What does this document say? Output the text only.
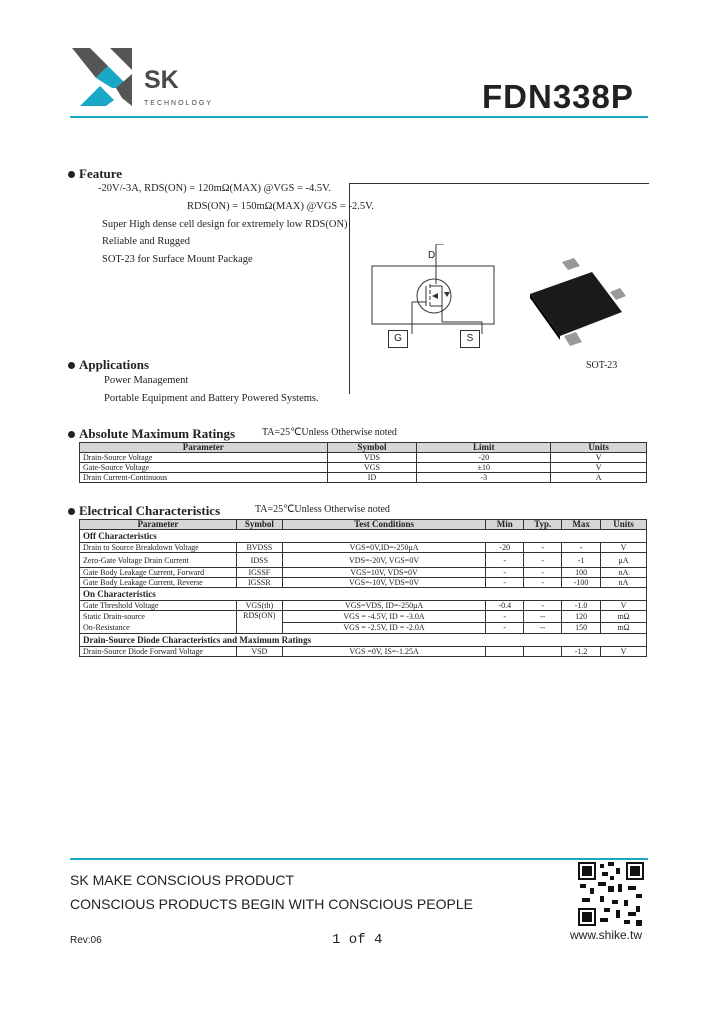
SK
TECHNOLOGY	FDN338P
Feature
-20V/-3A, RDS(ON) = 120mΩ(MAX) @VGS = -4.5V.
RDS(ON) = 150mΩ(MAX) @VGS = -2.5V.
Super High dense cell design for extremely low RDS(ON)
Reliable and Rugged
SOT-23 for Surface Mount Package	D
G	S
SOT-23
Applications
Power Management
Portable Equipment and Battery Powered Systems.
Absolute Maximum Ratings	TA=25℃Unless Otherwise noted
Parameter	Symbol	Limit	Units
Drain-Source Voltage	VDS	-20	V
Gate-Source Voltage	VGS	±10	V
Drain Current-Continuous	ID	-3	A
Electrical Characteristics	TA=25℃Unless Otherwise noted
Parameter	Symbol	Test Conditions	Min	Typ.	Max	Units
Off Characteristics						
Drain to Source Breakdown Voltage	BVDSS	VGS=0V,ID=-250μA	-20	-	-	V
Zero-Gate Voltage Drain Current	IDSS	VDS=-20V, VGS=0V	-	-	-1	μA
Gate Body Leakage Current, Forward	IGSSF	VGS=10V, VDS=0V	-	-	100	nA
Gate Body Leakage Current, Reverse	IGSSR	VGS=-10V, VDS=0V	-	-	-100	nA
On Characteristics						
Gate Threshold Voltage	VGS(th)	VGS=VDS, ID=-250μA	-0.4	-	-1.0	V
Static Drain-source
On-Resistance	RDS(ON)	VGS = -4.5V, ID = -3.0A	-	--	120	mΩ
		VGS = -2.5V, ID = -2.0A	-	--	150	mΩ
Drain-Source Diode Characteristics and Maximum Ratings						
Drain-Source Diode Forward Voltage	VSD	VGS =0V, IS=-1.25A			-1.2	V
SK MAKE CONSCIOUS PRODUCT
CONSCIOUS PRODUCTS BEGIN WITH CONSCIOUS PEOPLE
Rev:06	1 of 4	www.shike.tw
